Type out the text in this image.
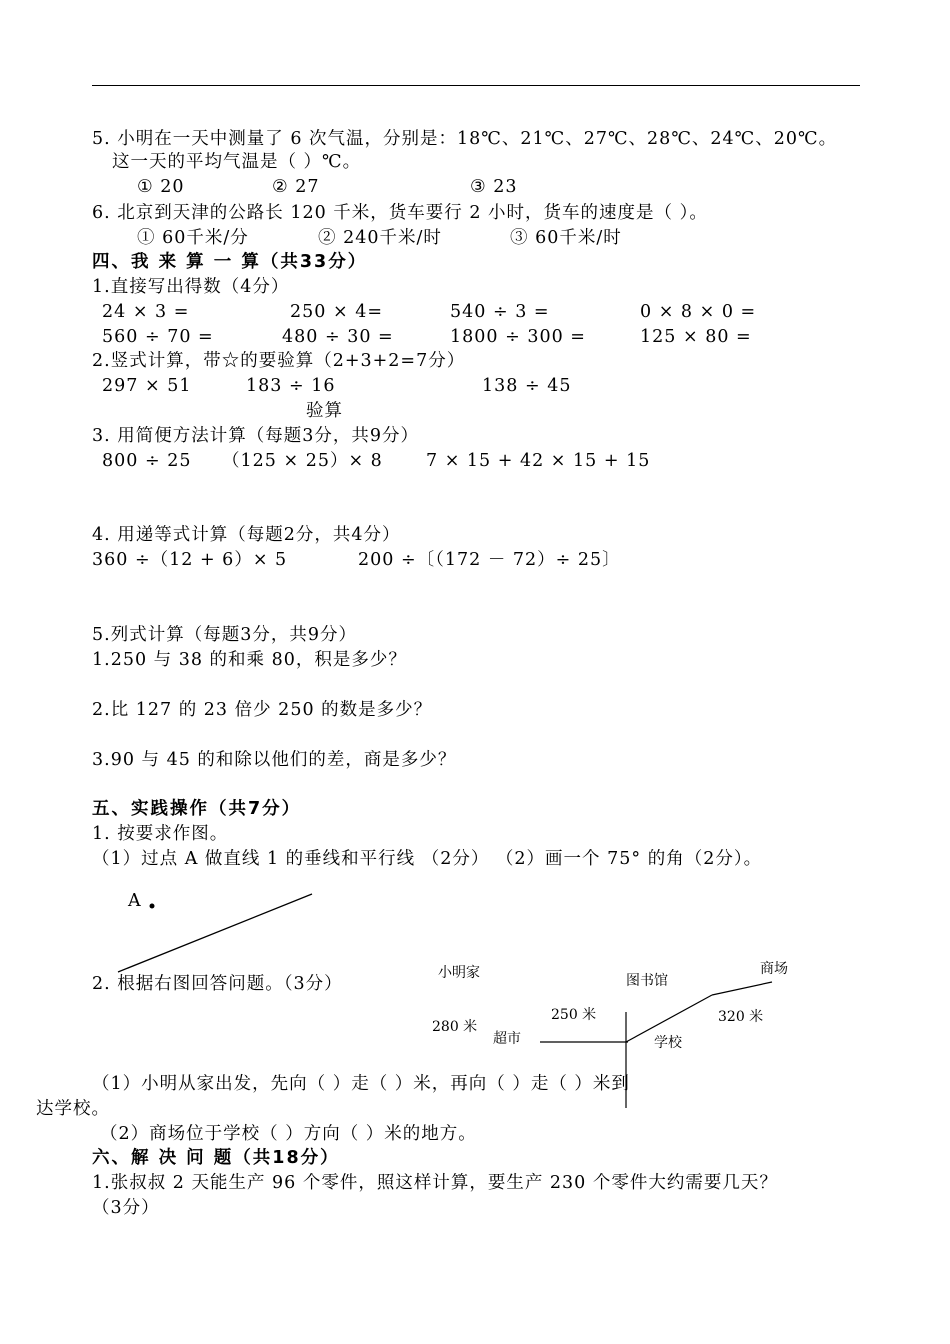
5. 小明在一天中测量了 6 次气温，分别是：18℃、21℃、27℃、28℃、24℃、20℃。
这一天的平均气温是（ ）℃。
① 20	② 27	③ 23
6. 北京到天津的公路长 120 千米，货车要行 2 小时，货车的速度是（ ）。
① 60千米/分	② 240千米/时	③ 60千米/时
四、我 来 算 一 算（共33分）
1.直接写出得数（4分）
24 × 3 =	250 × 4=	540 ÷ 3 =	0 × 8 × 0 =
560 ÷ 70 =	480 ÷ 30 =	1800 ÷ 300 =	125 × 80 =
2.竖式计算，带☆的要验算（2+3+2=7分）
297 × 51	183 ÷ 16	138 ÷ 45
验算
3. 用简便方法计算（每题3分，共9分）
800 ÷ 25 （125 × 25）× 8 7 × 15 + 42 × 15 + 15
4. 用递等式计算（每题2分，共4分）
360 ÷（12 + 6）× 5	200 ÷〔（172 － 72）÷ 25〕
5.列式计算（每题3分，共9分）
1.250 与 38 的和乘 80，积是多少？
2.比 127 的 23 倍少 250 的数是多少？
3.90 与 45 的和除以他们的差，商是多少？
五、实践操作（共7分）
1. 按要求作图。
（1）过点 A 做直线 1 的垂线和平行线 （2分） （2）画一个 75° 的角（2分）。
A
2. 根据右图回答问题。（3分）
小明家	图书馆
商场
250 米	320 米
280 米
超市	学校
（1）小明从家出发，先向（ ）走（ ）米，再向（ ）走（ ）米到
达学校。
（2）商场位于学校（ ）方向（ ）米的地方。
六、解 决 问 题（共18分）
1.张叔叔 2 天能生产 96 个零件，照这样计算，要生产 230 个零件大约需要几天？
（3分）
